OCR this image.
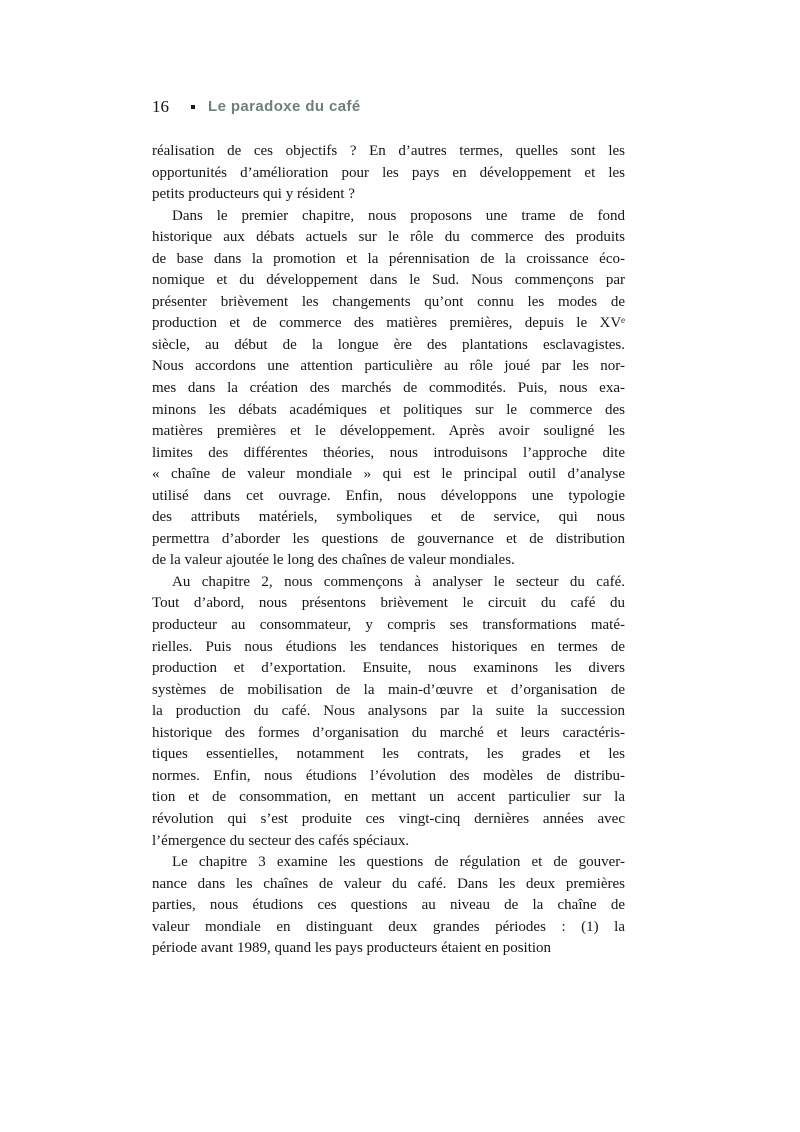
16	Le paradoxe du café
réalisation de ces objectifs ? En d’autres termes, quelles sont les
opportunités d’amélioration pour les pays en développement et les
petits producteurs qui y résident ?
Dans le premier chapitre, nous proposons une trame de fond
historique aux débats actuels sur le rôle du commerce des produits
de base dans la promotion et la pérennisation de la croissance éco-
nomique et du développement dans le Sud. Nous commençons par
présenter brièvement les changements qu’ont connu les modes de
production et de commerce des matières premières, depuis le XVᵉ
siècle, au début de la longue ère des plantations esclavagistes.
Nous accordons une attention particulière au rôle joué par les nor-
mes dans la création des marchés de commodités. Puis, nous exa-
minons les débats académiques et politiques sur le commerce des
matières premières et le développement. Après avoir souligné les
limites des différentes théories, nous introduisons l’approche dite
« chaîne de valeur mondiale » qui est le principal outil d’analyse
utilisé dans cet ouvrage. Enfin, nous développons une typologie
des attributs matériels, symboliques et de service, qui nous
permettra d’aborder les questions de gouvernance et de distribution
de la valeur ajoutée le long des chaînes de valeur mondiales.
Au chapitre 2, nous commençons à analyser le secteur du café.
Tout d’abord, nous présentons brièvement le circuit du café du
producteur au consommateur, y compris ses transformations maté-
rielles. Puis nous étudions les tendances historiques en termes de
production et d’exportation. Ensuite, nous examinons les divers
systèmes de mobilisation de la main-d’œuvre et d’organisation de
la production du café. Nous analysons par la suite la succession
historique des formes d’organisation du marché et leurs caractéris-
tiques essentielles, notamment les contrats, les grades et les
normes. Enfin, nous étudions l’évolution des modèles de distribu-
tion et de consommation, en mettant un accent particulier sur la
révolution qui s’est produite ces vingt-cinq dernières années avec
l’émergence du secteur des cafés spéciaux.
Le chapitre 3 examine les questions de régulation et de gouver-
nance dans les chaînes de valeur du café. Dans les deux premières
parties, nous étudions ces questions au niveau de la chaîne de
valeur mondiale en distinguant deux grandes périodes : (1) la
période avant 1989, quand les pays producteurs étaient en position
